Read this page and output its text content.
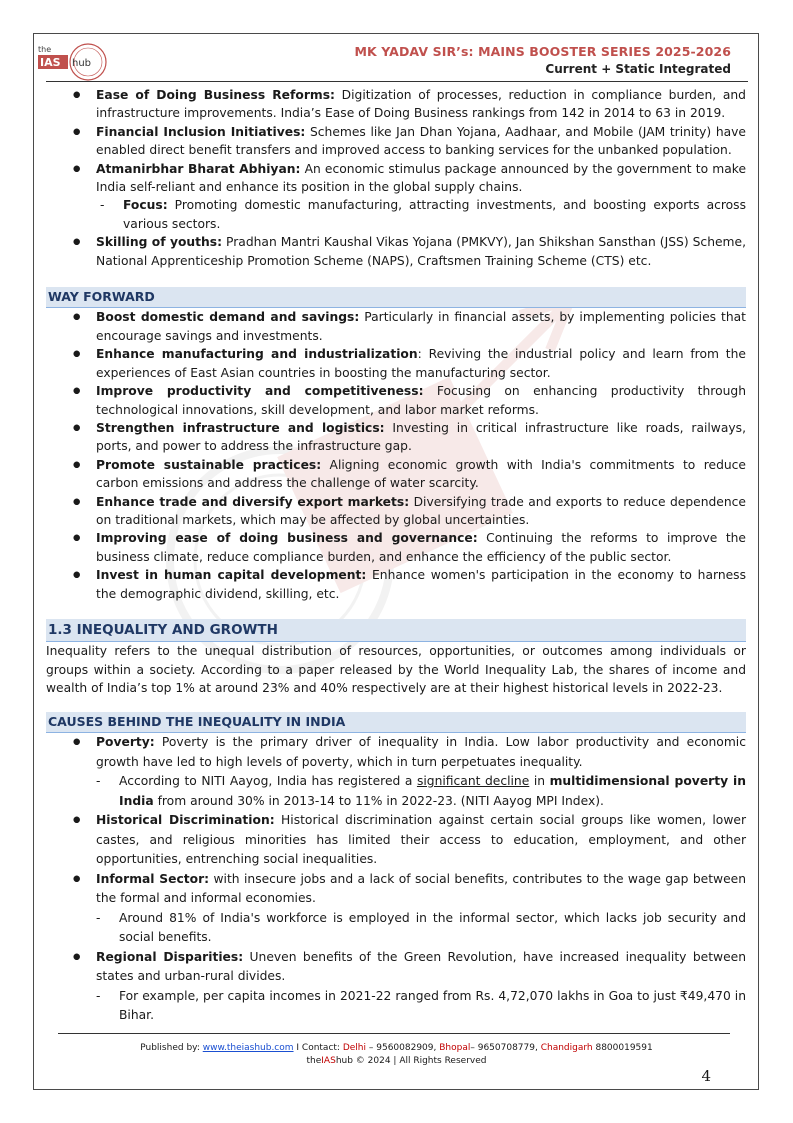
the
IAS hub

MK YADAV SIR’s: MAINS BOOSTER SERIES 2025-2026

Current + Static Integrated

● Ease of Doing Business Reforms: Digitization of processes, reduction in compliance burden, and infrastructure improvements. India’s Ease of Doing Business rankings from 142 in 2014 to 63 in 2019.
● Financial Inclusion Initiatives: Schemes like Jan Dhan Yojana, Aadhaar, and Mobile (JAM trinity) have enabled direct benefit transfers and improved access to banking services for the unbanked population.
● Atmanirbhar Bharat Abhiyan: An economic stimulus package announced by the government to make India self-reliant and enhance its position in the global supply chains.
- Focus: Promoting domestic manufacturing, attracting investments, and boosting exports across various sectors.
● Skilling of youths: Pradhan Mantri Kaushal Vikas Yojana (PMKVY), Jan Shikshan Sansthan (JSS) Scheme, National Apprenticeship Promotion Scheme (NAPS), Craftsmen Training Scheme (CTS) etc.
WAY FORWARD
● Boost domestic demand and savings: Particularly in financial assets, by implementing policies that encourage savings and investments.
● Enhance manufacturing and industrialization: Reviving the industrial policy and learn from the experiences of East Asian countries in boosting the manufacturing sector.
● Improve productivity and competitiveness: Focusing on enhancing productivity through technological innovations, skill development, and labor market reforms.
● Strengthen infrastructure and logistics: Investing in critical infrastructure like roads, railways, ports, and power to address the infrastructure gap.
● Promote sustainable practices: Aligning economic growth with India's commitments to reduce carbon emissions and address the challenge of water scarcity.
● Enhance trade and diversify export markets: Diversifying trade and exports to reduce dependence on traditional markets, which may be affected by global uncertainties.
● Improving ease of doing business and governance: Continuing the reforms to improve the business climate, reduce compliance burden, and enhance the efficiency of the public sector.
● Invest in human capital development: Enhance women's participation in the economy to harness the demographic dividend, skilling, etc.
1.3 INEQUALITY AND GROWTH

Inequality refers to the unequal distribution of resources, opportunities, or outcomes among individuals or groups within a society. According to a paper released by the World Inequality Lab, the shares of income and wealth of India’s top 1% at around 23% and 40% respectively are at their highest historical levels in 2022-23.

CAUSES BEHIND THE INEQUALITY IN INDIA
● Poverty: Poverty is the primary driver of inequality in India. Low labor productivity and economic growth have led to high levels of poverty, which in turn perpetuates inequality.
- According to NITI Aayog, India has registered a significant decline in multidimensional poverty in India from around 30% in 2013-14 to 11% in 2022-23. (NITI Aayog MPI Index).
● Historical Discrimination: Historical discrimination against certain social groups like women, lower castes, and religious minorities has limited their access to education, employment, and other opportunities, entrenching social inequalities.
● Informal Sector: with insecure jobs and a lack of social benefits, contributes to the wage gap between the formal and informal economies.
- Around 81% of India's workforce is employed in the informal sector, which lacks job security and social benefits.
● Regional Disparities: Uneven benefits of the Green Revolution, have increased inequality between states and urban-rural divides.
- For example, per capita incomes in 2021-22 ranged from Rs. 4,72,070 lakhs in Goa to just ₹49,470 in Bihar.

Published by: www.theiashub.com I Contact: Delhi – 9560082909, Bhopal– 9650708779, Chandigarh 8800019591

theIAShub © 2024 | All Rights Reserved

4
